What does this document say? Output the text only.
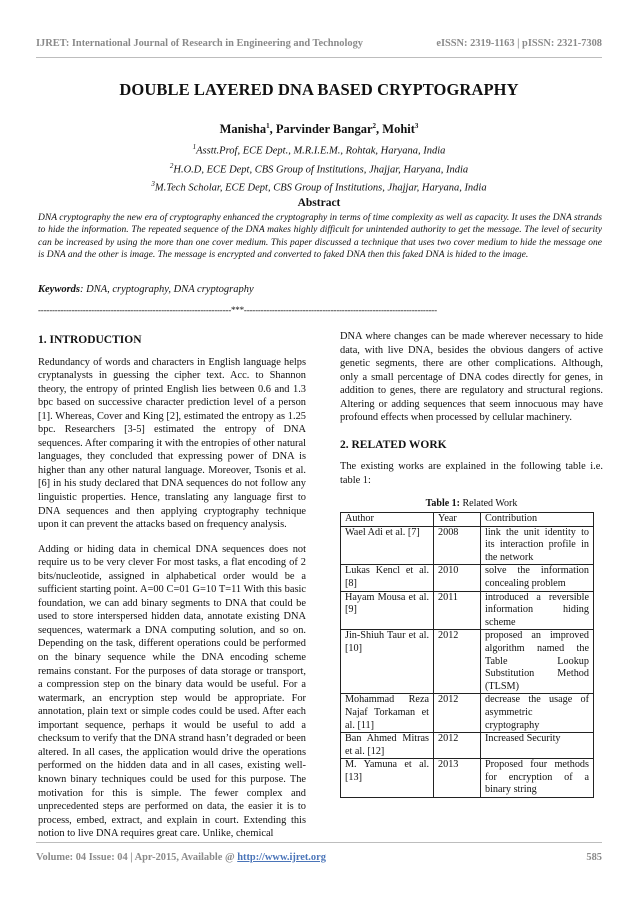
IJRET: International Journal of Research in Engineering and Technology	eISSN: 2319-1163 | pISSN: 2321-7308
DOUBLE LAYERED DNA BASED CRYPTOGRAPHY
Manisha$^1$, Parvinder Bangar$^2$, Mohit$^3$
$^1$Asstt.Prof, ECE Dept., M.R.I.E.M., Rohtak, Haryana, India
$^2$H.O.D, ECE Dept, CBS Group of Institutions, Jhajjar, Haryana, India
$^3$M.Tech Scholar, ECE Dept, CBS Group of Institutions, Jhajjar, Haryana, India
Abstract
DNA cryptography the new era of cryptography enhanced the cryptography in terms of time complexity as well as capacity. It uses the DNA strands to hide the information. The repeated sequence of the DNA makes highly difficult for unintended authority to get the message. The level of security can be increased by using the more than one cover medium. This paper discussed a technique that uses two cover medium to hide the message one is DNA and the other is image. The message is encrypted and converted to faked DNA then this faked DNA is hided to the image.
Keywords: DNA, cryptography, DNA cryptography
---------------------------------------------------------------------***---------------------------------------------------------------------
1. INTRODUCTION

Redundancy of words and characters in English language helps cryptanalysts in guessing the cipher text. Acc. to Shannon theory, the entropy of printed English lies between 0.6 and 1.3 bpc based on successive character prediction level of a person [1]. Whereas, Cover and King [2], estimated the entropy as 1.25 bpc. Researchers [3-5] estimated the entropy of DNA sequences. After comparing it with the entropies of other natural languages, they concluded that expressing power of DNA is higher than any other natural language. Moreover, Tsonis et al. [6] in his study declared that DNA sequences do not follow any linguistic properties. Hence, translating any language first to DNA sequences and then applying cryptography technique upon it can prevent the attacks based on frequency analysis.

Adding or hiding data in chemical DNA sequences does not require us to be very clever For most tasks, a flat encoding of 2 bits/nucleotide, assigned in alphabetical order would be a sufficient starting point. A=00 C=01 G=10 T=11 With this basic foundation, we can add binary segments to DNA that could be used to store interspersed hidden data, annotate existing DNA sequences, watermark a DNA computing solution, and so on. Depending on the task, different operations could be performed on the binary sequence while the DNA encoding scheme remains constant. For the purposes of data storage or transport, a compression step on the binary data would be useful. For a watermark, an encryption step would be appropriate. For annotation, plain text or simple codes could be used. After each important sequence, perhaps it would be useful to add a checksum to verify that the DNA strand hasn’t degraded or been altered. In all cases, the application would drive the operations performed on the hidden data and in all cases, existing well-known binary techniques could be used for this purpose. The motivation for this is simple. The fewer complex and unprecedented steps are performed on data, the easier it is to process, embed, extract, and explain in court. Extending this notion to live DNA requires great care. Unlike, chemical

DNA where changes can be made wherever necessary to hide data, with live DNA, besides the obvious dangers of active genetic segments, there are other complications. Although, only a small percentage of DNA codes directly for genes, in addition to genes, there are regulatory and structural regions. Altering or adding sequences that seem innocuous may have profound effects when processed by cellular machinery.

2. RELATED WORK

The existing works are explained in the following table i.e. table 1:

Table 1: Related Work
Author	Year	Contribution
Wael Adi et al. [7]	2008	link the unit identity to its interaction profile in the network
Lukas Kencl et al. [8]	2010	solve the information concealing problem
Hayam Mousa et al. [9]	2011	introduced a reversible information hiding scheme
Jin-Shiuh Taur et al. [10]	2012	proposed an improved algorithm named the Table Lookup Substitution Method (TLSM)
Mohammad Reza Najaf Torkaman et al. [11]	2012	decrease the usage of asymmetric cryptography
Ban Ahmed Mitras et al. [12]	2012	Increased Security
M. Yamuna et al. [13]	2013	Proposed four methods for encryption of a binary string
Volume: 04 Issue: 04 | Apr-2015, Available @ http://www.ijret.org	585
